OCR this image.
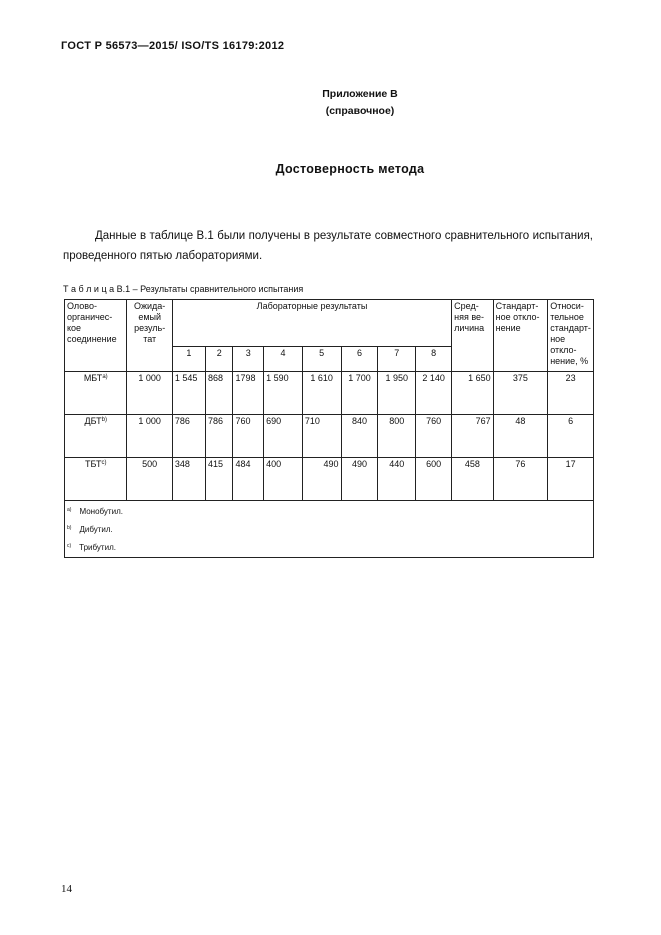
ГОСТ Р 56573—2015/ ISO/TS 16179:2012
Приложение В
(справочное)
Достоверность метода
Данные в таблице В.1 были получены в результате совместного сравнительного испытания, проведенного пятью лабораториями.
Т а б л и ц а В.1 – Результаты сравнительного испытания
Олово-органичес-кое соединение	Ожида-емый резуль-тат	Лабораторные результаты								Сред-няя ве-личина	Стандарт-ное откло-нение	Относи-тельное стандарт-ное откло-нение, %
		1	2	3	4	5	6	7	8			
МБТ$^{a)}$	1 000	1 545	868	1798	1 590	1 610	1 700	1 950	2 140	1 650	375	23
ДБТ$^{b)}$	1 000	786	786	760	690	710	840	800	760	767	48	6
ТБТ$^{c)}$	500	348	415	484	400	490	490	440	600	458	76	17

$^{a)}$ Монобутил.
$^{b)}$ Дибутил.
$^{c)}$ Трибутил.												
14
